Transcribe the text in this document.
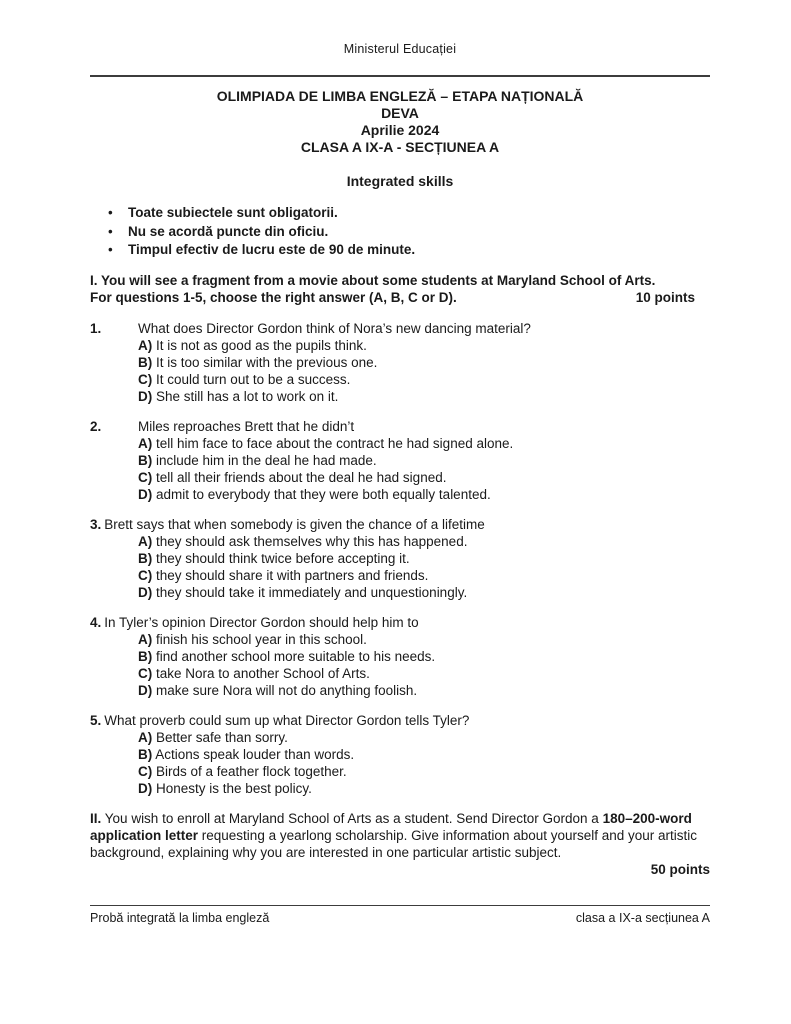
Ministerul Educației
OLIMPIADA DE LIMBA ENGLEZĂ – ETAPA NAȚIONALĂ
DEVA
Aprilie 2024
CLASA A IX-A - SECȚIUNEA A
Integrated skills
• Toate subiectele sunt obligatorii.
• Nu se acordă puncte din oficiu.
• Timpul efectiv de lucru este de 90 de minute.
I. You will see a fragment from a movie about some students at Maryland School of Arts.
For questions 1-5, choose the right answer (A, B, C or D).	10 points
1.	What does Director Gordon think of Nora’s new dancing material?
A) It is not as good as the pupils think.
B) It is too similar with the previous one.
C) It could turn out to be a success.
D) She still has a lot to work on it.
2.	Miles reproaches Brett that he didn’t
A) tell him face to face about the contract he had signed alone.
B) include him in the deal he had made.
C) tell all their friends about the deal he had signed.
D) admit to everybody that they were both equally talented.
3. Brett says that when somebody is given the chance of a lifetime
A) they should ask themselves why this has happened.
B) they should think twice before accepting it.
C) they should share it with partners and friends.
D) they should take it immediately and unquestioningly.
4. In Tyler’s opinion Director Gordon should help him to
A) finish his school year in this school.
B) find another school more suitable to his needs.
C) take Nora to another School of Arts.
D) make sure Nora will not do anything foolish.
5. What proverb could sum up what Director Gordon tells Tyler?
A) Better safe than sorry.
B) Actions speak louder than words.
C) Birds of a feather flock together.
D) Honesty is the best policy.
II. You wish to enroll at Maryland School of Arts as a student. Send Director Gordon a 180–200-word application letter requesting a yearlong scholarship. Give information about yourself and your artistic background, explaining why you are interested in one particular artistic subject.
50 points
Probă integrată la limba engleză	clasa a IX-a secțiunea A
